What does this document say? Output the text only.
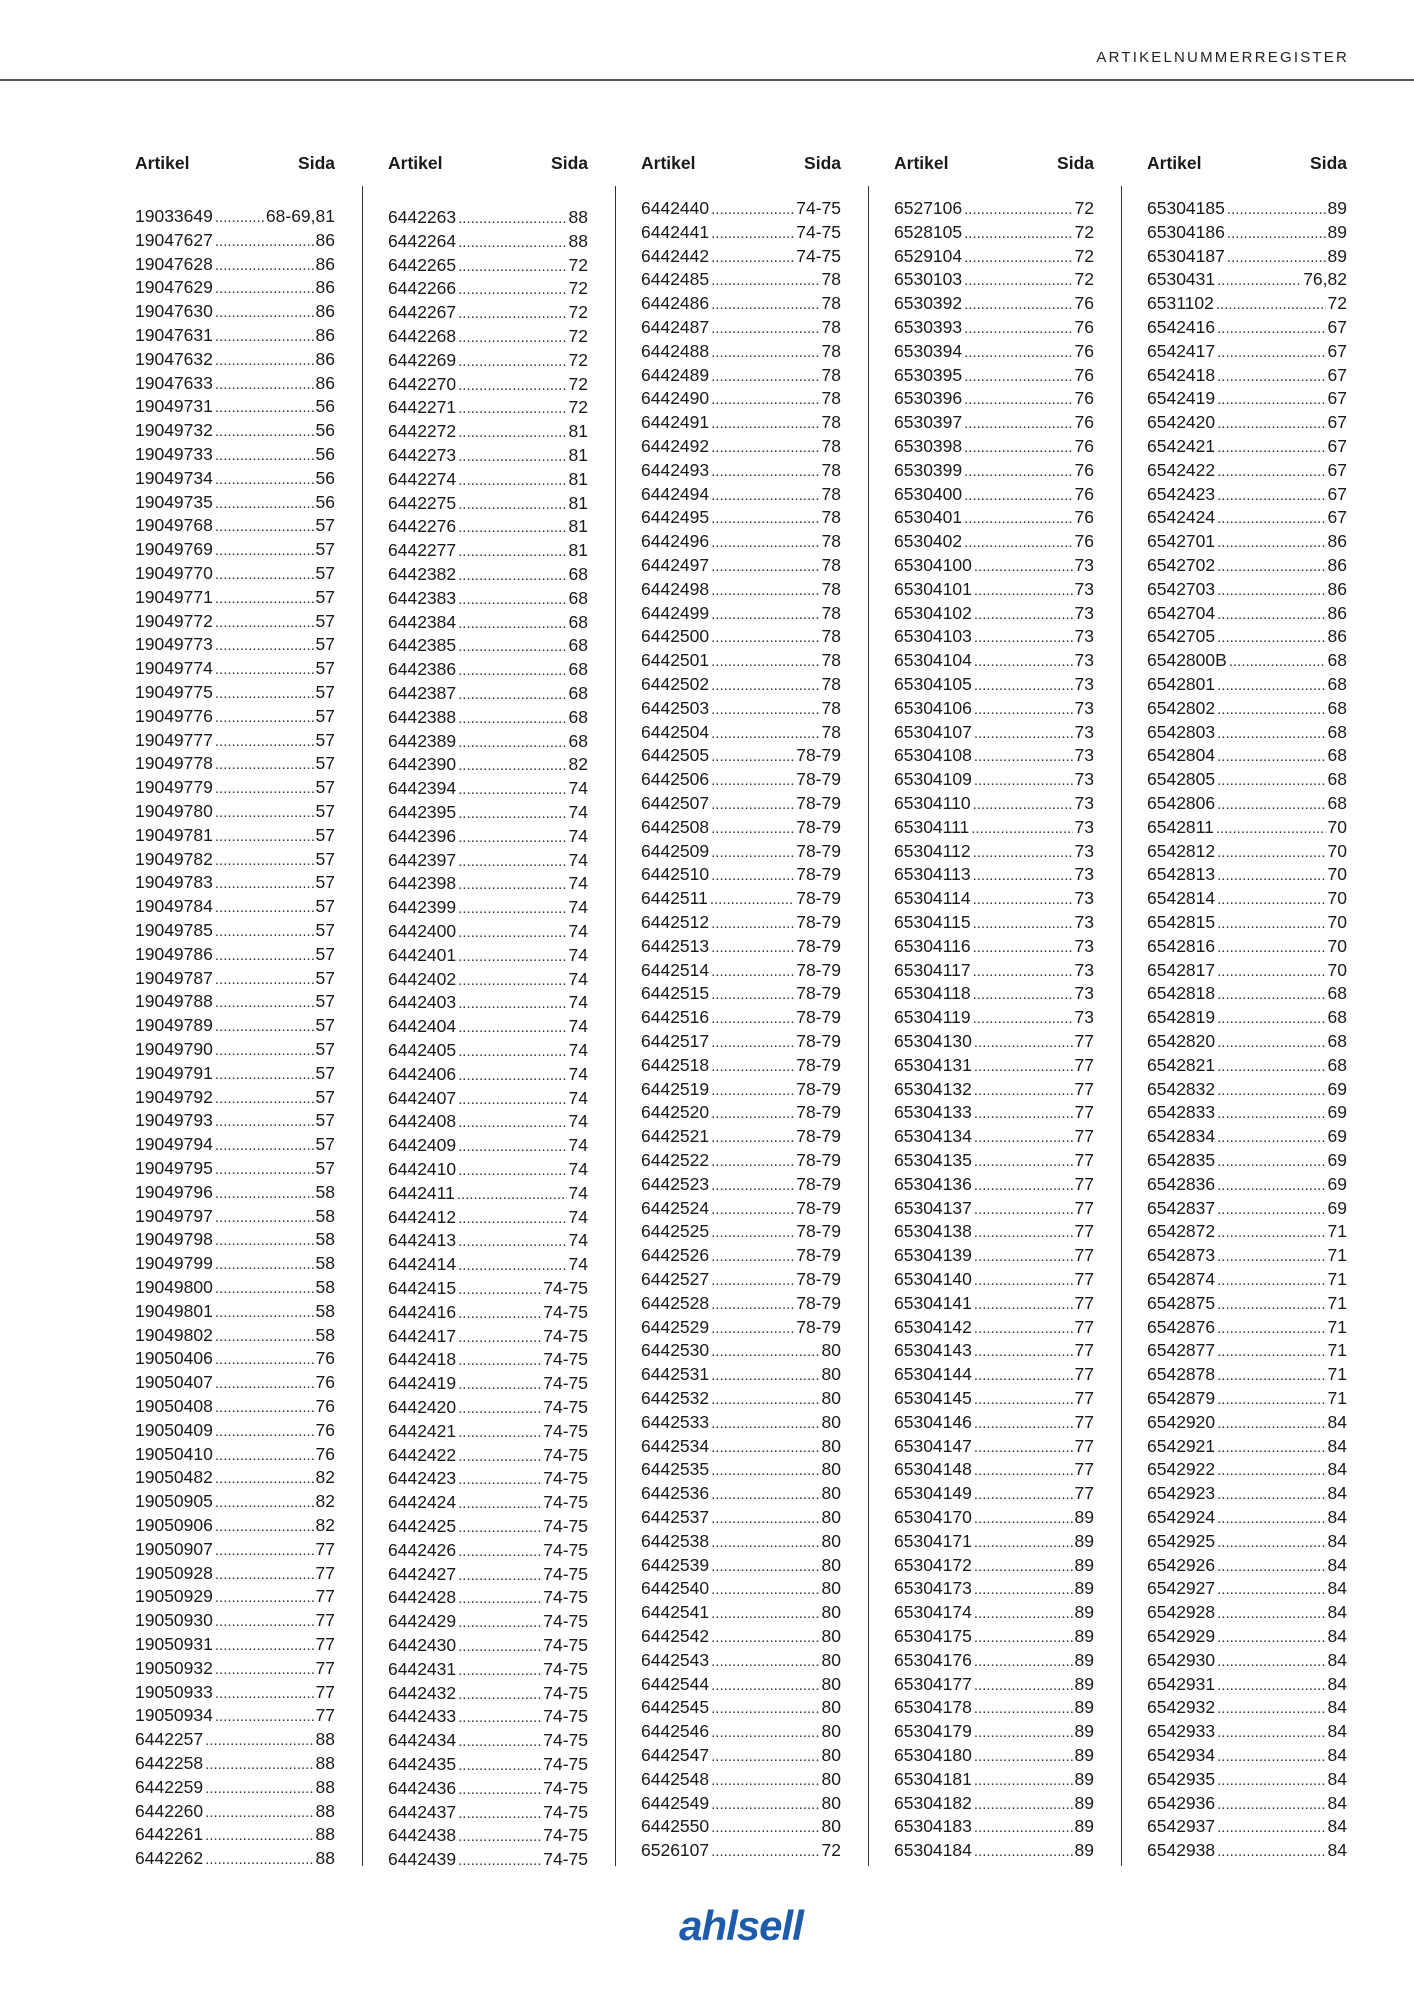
ARTIKELNUMMERREGISTER
Artikel	Sida
19033649 .....	68-69,81
19047627 .....	86
19047628 .....	86
19047629 .....	86
19047630 .....	86
19047631 .....	86
19047632 .....	86
19047633 .....	86
19049731 .....	56
19049732 .....	56
19049733 .....	56
19049734 .....	56
19049735 .....	56
19049768 .....	57
19049769 .....	57
19049770 .....	57
19049771 .....	57
19049772 .....	57
19049773 .....	57
19049774 .....	57
19049775 .....	57
19049776 .....	57
19049777 .....	57
19049778 .....	57
19049779 .....	57
19049780 .....	57
19049781 .....	57
19049782 .....	57
19049783 .....	57
19049784 .....	57
19049785 .....	57
19049786 .....	57
19049787 .....	57
19049788 .....	57
19049789 .....	57
19049790 .....	57
19049791 .....	57
19049792 .....	57
19049793 .....	57
19049794 .....	57
19049795 .....	57
19049796 .....	58
19049797 .....	58
19049798 .....	58
19049799 .....	58
19049800 .....	58
19049801 .....	58
19049802 .....	58
19050406 .....	76
19050407 .....	76
19050408 .....	76
19050409 .....	76
19050410 .....	76
19050482 .....	82
19050905 .....	82
19050906 .....	82
19050907 .....	77
19050928 .....	77
19050929 .....	77
19050930 .....	77
19050931 .....	77
19050932 .....	77
19050933 .....	77
19050934 .....	77
6442257 .....	88
6442258 .....	88
6442259 .....	88
6442260 .....	88
6442261 .....	88
6442262 .....	88
Artikel	Sida
6442263 .....	88
6442264 .....	88
6442265 .....	72
6442266 .....	72
6442267 .....	72
6442268 .....	72
6442269 .....	72
6442270 .....	72
6442271 .....	72
6442272 .....	81
6442273 .....	81
6442274 .....	81
6442275 .....	81
6442276 .....	81
6442277 .....	81
6442382 .....	68
6442383 .....	68
6442384 .....	68
6442385 .....	68
6442386 .....	68
6442387 .....	68
6442388 .....	68
6442389 .....	68
6442390 .....	82
6442394 .....	74
6442395 .....	74
6442396 .....	74
6442397 .....	74
6442398 .....	74
6442399 .....	74
6442400 .....	74
6442401 .....	74
6442402 .....	74
6442403 .....	74
6442404 .....	74
6442405 .....	74
6442406 .....	74
6442407 .....	74
6442408 .....	74
6442409 .....	74
6442410 .....	74
6442411 .....	74
6442412 .....	74
6442413 .....	74
6442414 .....	74
6442415 .....	74-75
6442416 .....	74-75
6442417 .....	74-75
6442418 .....	74-75
6442419 .....	74-75
6442420 .....	74-75
6442421 .....	74-75
6442422 .....	74-75
6442423 .....	74-75
6442424 .....	74-75
6442425 .....	74-75
6442426 .....	74-75
6442427 .....	74-75
6442428 .....	74-75
6442429 .....	74-75
6442430 .....	74-75
6442431 .....	74-75
6442432 .....	74-75
6442433 .....	74-75
6442434 .....	74-75
6442435 .....	74-75
6442436 .....	74-75
6442437 .....	74-75
6442438 .....	74-75
6442439 .....	74-75
Artikel	Sida
6442440 .....	74-75
6442441 .....	74-75
6442442 .....	74-75
6442485 .....	78
6442486 .....	78
6442487 .....	78
6442488 .....	78
6442489 .....	78
6442490 .....	78
6442491 .....	78
6442492 .....	78
6442493 .....	78
6442494 .....	78
6442495 .....	78
6442496 .....	78
6442497 .....	78
6442498 .....	78
6442499 .....	78
6442500 .....	78
6442501 .....	78
6442502 .....	78
6442503 .....	78
6442504 .....	78
6442505 .....	78-79
6442506 .....	78-79
6442507 .....	78-79
6442508 .....	78-79
6442509 .....	78-79
6442510 .....	78-79
6442511 .....	78-79
6442512 .....	78-79
6442513 .....	78-79
6442514 .....	78-79
6442515 .....	78-79
6442516 .....	78-79
6442517 .....	78-79
6442518 .....	78-79
6442519 .....	78-79
6442520 .....	78-79
6442521 .....	78-79
6442522 .....	78-79
6442523 .....	78-79
6442524 .....	78-79
6442525 .....	78-79
6442526 .....	78-79
6442527 .....	78-79
6442528 .....	78-79
6442529 .....	78-79
6442530 .....	80
6442531 .....	80
6442532 .....	80
6442533 .....	80
6442534 .....	80
6442535 .....	80
6442536 .....	80
6442537 .....	80
6442538 .....	80
6442539 .....	80
6442540 .....	80
6442541 .....	80
6442542 .....	80
6442543 .....	80
6442544 .....	80
6442545 .....	80
6442546 .....	80
6442547 .....	80
6442548 .....	80
6442549 .....	80
6442550 .....	80
6526107 .....	72
Artikel	Sida
6527106 .....	72
6528105 .....	72
6529104 .....	72
6530103 .....	72
6530392 .....	76
6530393 .....	76
6530394 .....	76
6530395 .....	76
6530396 .....	76
6530397 .....	76
6530398 .....	76
6530399 .....	76
6530400 .....	76
6530401 .....	76
6530402 .....	76
65304100 .....	73
65304101 .....	73
65304102 .....	73
65304103 .....	73
65304104 .....	73
65304105 .....	73
65304106 .....	73
65304107 .....	73
65304108 .....	73
65304109 .....	73
65304110 .....	73
65304111 .....	73
65304112 .....	73
65304113 .....	73
65304114 .....	73
65304115 .....	73
65304116 .....	73
65304117 .....	73
65304118 .....	73
65304119 .....	73
65304130 .....	77
65304131 .....	77
65304132 .....	77
65304133 .....	77
65304134 .....	77
65304135 .....	77
65304136 .....	77
65304137 .....	77
65304138 .....	77
65304139 .....	77
65304140 .....	77
65304141 .....	77
65304142 .....	77
65304143 .....	77
65304144 .....	77
65304145 .....	77
65304146 .....	77
65304147 .....	77
65304148 .....	77
65304149 .....	77
65304170 .....	89
65304171 .....	89
65304172 .....	89
65304173 .....	89
65304174 .....	89
65304175 .....	89
65304176 .....	89
65304177 .....	89
65304178 .....	89
65304179 .....	89
65304180 .....	89
65304181 .....	89
65304182 .....	89
65304183 .....	89
65304184 .....	89
Artikel	Sida
65304185 .....	89
65304186 .....	89
65304187 .....	89
6530431 .....	76,82
6531102 .....	72
6542416 .....	67
6542417 .....	67
6542418 .....	67
6542419 .....	67
6542420 .....	67
6542421 .....	67
6542422 .....	67
6542423 .....	67
6542424 .....	67
6542701 .....	86
6542702 .....	86
6542703 .....	86
6542704 .....	86
6542705 .....	86
6542800B .....	68
6542801 .....	68
6542802 .....	68
6542803 .....	68
6542804 .....	68
6542805 .....	68
6542806 .....	68
6542811 .....	70
6542812 .....	70
6542813 .....	70
6542814 .....	70
6542815 .....	70
6542816 .....	70
6542817 .....	70
6542818 .....	68
6542819 .....	68
6542820 .....	68
6542821 .....	68
6542832 .....	69
6542833 .....	69
6542834 .....	69
6542835 .....	69
6542836 .....	69
6542837 .....	69
6542872 .....	71
6542873 .....	71
6542874 .....	71
6542875 .....	71
6542876 .....	71
6542877 .....	71
6542878 .....	71
6542879 .....	71
6542920 .....	84
6542921 .....	84
6542922 .....	84
6542923 .....	84
6542924 .....	84
6542925 .....	84
6542926 .....	84
6542927 .....	84
6542928 .....	84
6542929 .....	84
6542930 .....	84
6542931 .....	84
6542932 .....	84
6542933 .....	84
6542934 .....	84
6542935 .....	84
6542936 .....	84
6542937 .....	84
6542938 .....	84
ahlsell
